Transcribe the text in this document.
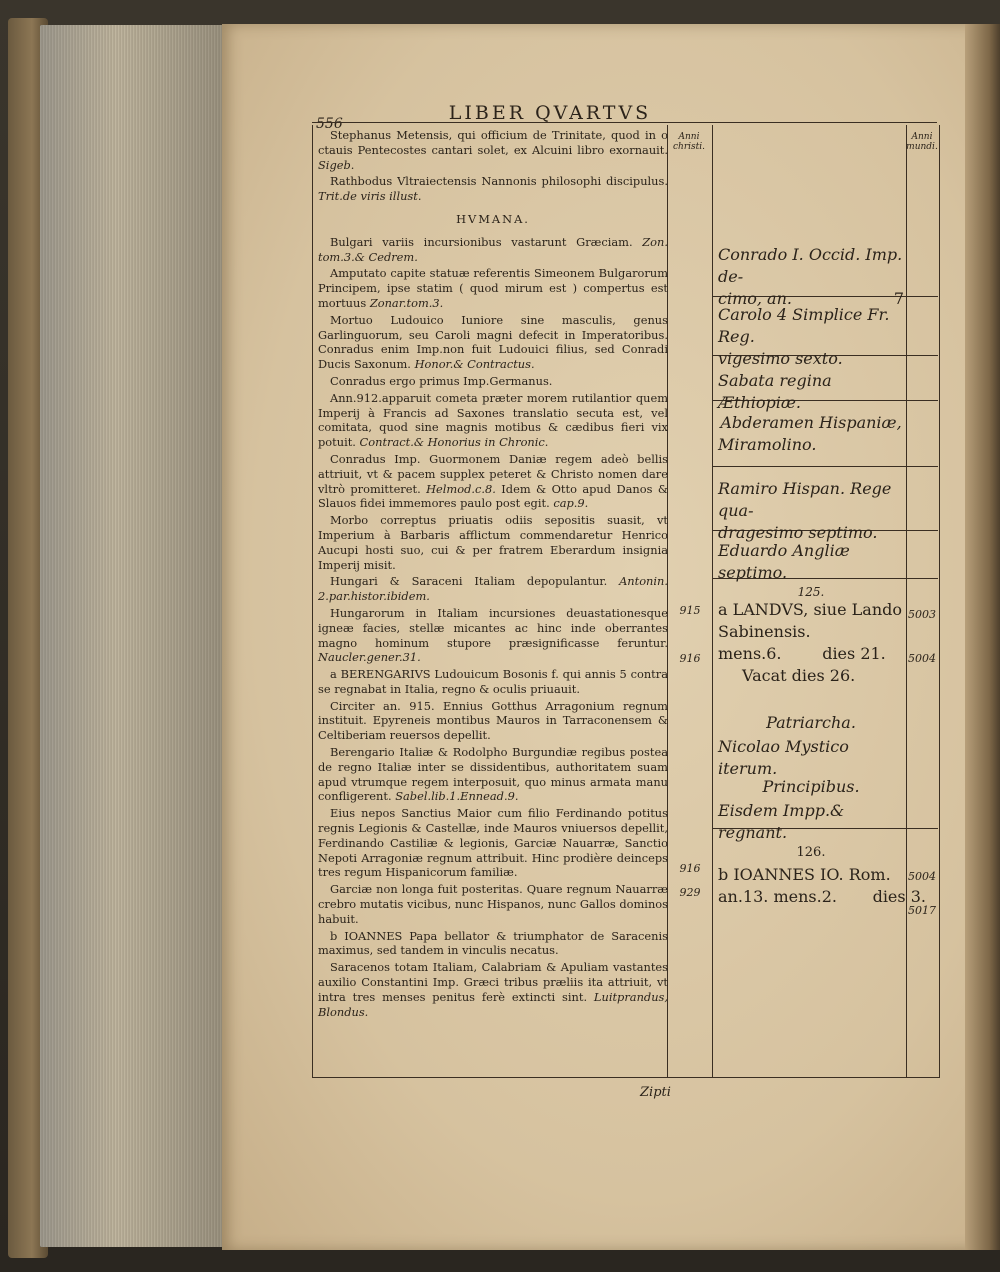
LIBER QVARTVS
556
Anni christi.
Anni mundi.

Stephanus Metensis, qui officium de Trinitate, quod in o ctauis Pentecostes cantari solet, ex Alcuini libro exornauit. Sigeb.

Rathbodus Vltraiectensis Nannonis philosophi discipulus. Trit.de viris illust.

HVMANA.

Bulgari variis incursionibus vastarunt Græciam. Zon. tom.3.& Cedrem.

Amputato capite statuæ referentis Simeonem Bulgarorum Principem, ipse statim ( quod mirum est ) compertus est mortuus Zonar.tom.3.

Mortuo Ludouico Iuniore sine masculis, genus Garlinguorum, seu Caroli magni defecit in Imperatoribus. Conradus enim Imp.non fuit Ludouici filius, sed Conradi Ducis Saxonum. Honor.& Contractus.

Conradus ergo primus Imp.Germanus.

Ann.912.apparuit cometa præter morem rutilantior quem Imperij à Francis ad Saxones translatio secuta est, vel comitata, quod sine magnis motibus & cædibus fieri vix potuit. Contract.& Honorius in Chronic.

Conradus Imp. Guormonem Daniæ regem adeò bellis attriuit, vt & pacem supplex peteret & Christo nomen dare vltrò promitteret. Helmod.c.8. Idem & Otto apud Danos & Slauos fidei immemores paulo post egit. cap.9.

Morbo correptus priuatis odiis sepositis suasit, vt Imperium à Barbaris afflictum commendaretur Henrico Aucupi hosti suo, cui & per fratrem Eberardum insignia Imperij misit.

Hungari & Saraceni Italiam depopulantur. Antonin. 2.par.histor.ibidem.

Hungarorum in Italiam incursiones deuastationesque igneæ facies, stellæ micantes ac hinc inde oberrantes magno hominum stupore præsignificasse feruntur. Naucler.gener.31.

a BERENGARIVS Ludouicum Bosonis f. qui annis 5 contra se regnabat in Italia, regno & oculis priuauit.

Circiter an. 915. Ennius Gotthus Arragonium regnum instituit. Epyreneis montibus Mauros in Tarraconensem & Celtiberiam reuersos depellit.

Berengario Italiæ & Rodolpho Burgundiæ regibus postea de regno Italiæ inter se dissidentibus, authoritatem suam apud vtrumque regem interposuit, quo minus armata manu confligerent. Sabel.lib.1.Ennead.9.

Eius nepos Sanctius Maior cum filio Ferdinando potitus regnis Legionis & Castellæ, inde Mauros vniuersos depellit, Ferdinando Castiliæ & legionis, Garciæ Nauarræ, Sanctio Nepoti Arragoniæ regnum attribuit. Hinc prodière deinceps tres regum Hispanicorum familiæ.

Garciæ non longa fuit posteritas. Quare regnum Nauarræ crebro mutatis vicibus, nunc Hispanos, nunc Gallos dominos habuit.

b IOANNES Papa bellator & triumphator de Saracenis maximus, sed tandem in vinculis necatus.

Saracenos totam Italiam, Calabriam & Apuliam vastantes auxilio Constantini Imp. Græci tribus præliis ita attriuit, vt intra tres menses penitus ferè extincti sint. Luitprandus, Blondus.

915
916
916
929
5003
5004
5004
5017
Conrado I. Occid. Imp. de-
cimo, an.	7
Carolo 4 Simplice Fr. Reg.
vigesimo sexto.
Sabata regina Æthiopiæ.
Abderamen Hispaniæ,
Miramolino.
Ramiro Hispan. Rege qua-
dragesimo septimo.
Eduardo Angliæ septimo.
125.
a LANDVS, siue Lando
Sabinensis.
mens.6.        dies 21.
Vacat dies 26.
Patriarcha.
Nicolao Mystico iterum.
Principibus.
Eisdem Impp.& regnant.
126.
b IOANNES IO. Rom.
an.13. mens.2.       dies 3.
Zipti
